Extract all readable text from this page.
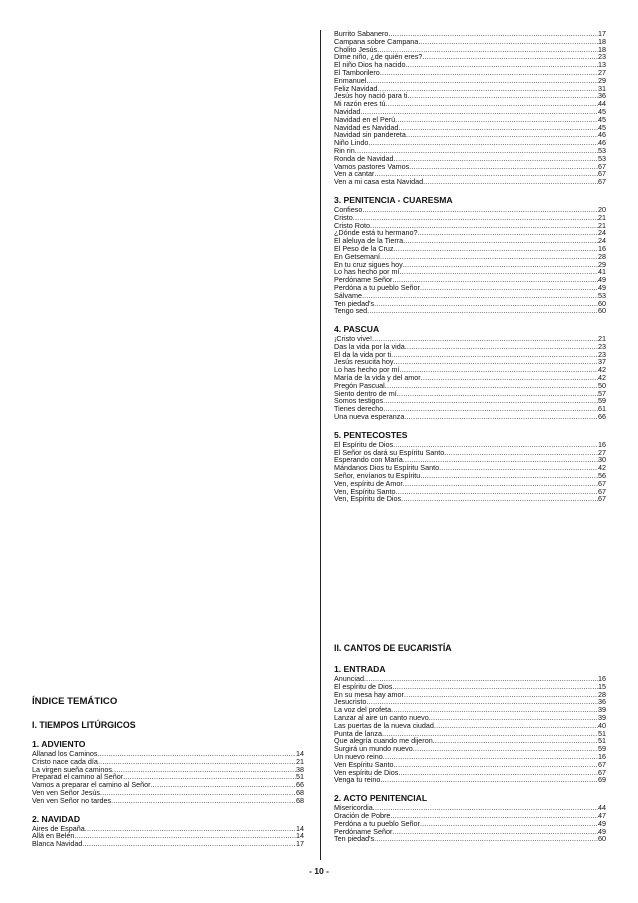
ÍNDICE TEMÁTICO
I. TIEMPOS LITÚRGICOS
1. ADVIENTO
Allanad los Caminos .....	14
Cristo nace cada día .....	21
La virgen sueña caminos .....	38
Preparad el camino al Señor .....	51
Vamos a preparar el camino al Señor .....	66
Ven ven Señor Jesús .....	68
Ven ven Señor no tardes .....	68
2. NAVIDAD
Aires de España .....	14
Allá en Belén .....	14
Blanca Navidad .....	17
Burrito Sabanero .....	17
Campana sobre Campana .....	18
Cholito Jesús .....	18
Dime niño, ¿de quién eres? .....	23
El niño Dios ha nacido .....	13
El Tamborilero .....	27
Enmanuel .....	29
Feliz Navidad .....	31
Jesús hoy nació para ti .....	36
Mi razón eres tú .....	44
Navidad .....	45
Navidad en el Perú .....	45
Navidad es Navidad .....	45
Navidad sin pandereta .....	46
Niño Lindo .....	46
Rin rin .....	53
Ronda de Navidad .....	53
Vamos pastores Vamos .....	67
Ven a cantar .....	67
Ven a mi casa esta Navidad .....	67
3. PENITENCIA - CUARESMA
Confieso .....	20
Cristo .....	21
Cristo Roto .....	21
¿Dónde está tu hermano? .....	24
El aleluya de la Tierra .....	24
El Peso de la Cruz .....	16
En Getsemaní .....	28
En tu cruz sigues hoy .....	29
Lo has hecho por mí .....	41
Perdóname Señor .....	49
Perdóna a tu pueblo Señor .....	49
Sálvame .....	53
Ten piedad's .....	60
Tengo sed .....	60
4. PASCUA
¡Cristo vive! .....	21
Das la vida por la vida .....	23
El da la vida por ti .....	23
Jesús resucita hoy .....	37
Lo has hecho por mí .....	42
María de la vida y del amor .....	42
Pregón Pascual .....	50
Siento dentro de mí .....	57
Somos testigos .....	59
Tienes derecho .....	61
Una nueva esperanza .....	66
5. PENTECOSTES
El Espíritu de Dios .....	16
El Señor os dará su Espíritu Santo .....	27
Esperando con María .....	30
Mándanos Dios tu Espíritu Santo .....	42
Señor, envíanos tu Espíritu .....	56
Ven, espíritu de Amor .....	67
Ven, Espíritu Santo .....	67
Ven, Espíritu de Dios .....	67
II. CANTOS DE EUCARISTÍA
1. ENTRADA
Anunciad .....	16
El espíritu de Dios .....	15
En su mesa hay amor .....	28
Jesucristo .....	36
La voz del profeta .....	39
Lanzar al aire un canto nuevo .....	39
Las puertas de la nueva ciudad .....	40
Punta de lanza .....	51
Que alegría cuando me dijeron .....	51
Surgirá un mundo nuevo .....	59
Un nuevo reino .....	16
Ven Espíritu Santo .....	67
Ven espíritu de Dios .....	67
Venga tu reino .....	69
2. ACTO PENITENCIAL
Misericordia .....	44
Oración de Pobre .....	47
Perdóna a tu pueblo Señor .....	49
Perdóname Señor .....	49
Ten piedad's .....	60
- 10 -
